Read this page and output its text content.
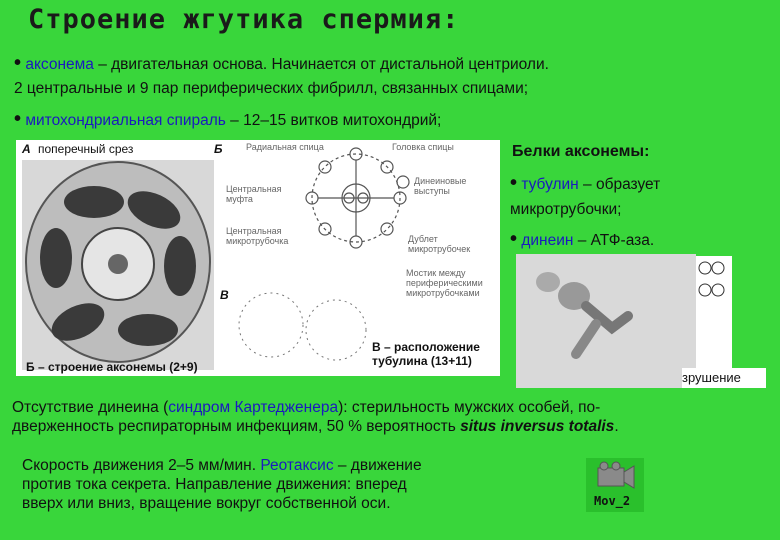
Строение жгутика спермия:
• аксонема – двигательная основа. Начинается от дистальной центриоли.
2 центральные и 9 пар периферических фибрилл, связанных спицами;
• митохондриальная спираль – 12–15 витков митохондрий;
А поперечный срез	Б
В
Радиальная спица	Головка спицы
Центральная муфта
Динеиновые выступы
Центральная микротрубочка	Дублет микротрубочек
Мостик между периферическими микротрубочками
Б – строение аксонемы (2+9)
В – расположение тубулина (13+11)
Белки аксонемы:
• тубулин – образует
микротрубочки;
• динеин – АТФ-аза.
зрушение
Отсутствие динеина (синдром Картедженера): стерильность мужских особей, по-
дверженность респираторным инфекциям, 50 % вероятность situs inversus totalis.
Скорость движения 2–5 мм/мин. Реотаксис – движение
против тока секрета. Направление движения: вперед
вверх или вниз, вращение вокруг собственной оси.	Mov_2
